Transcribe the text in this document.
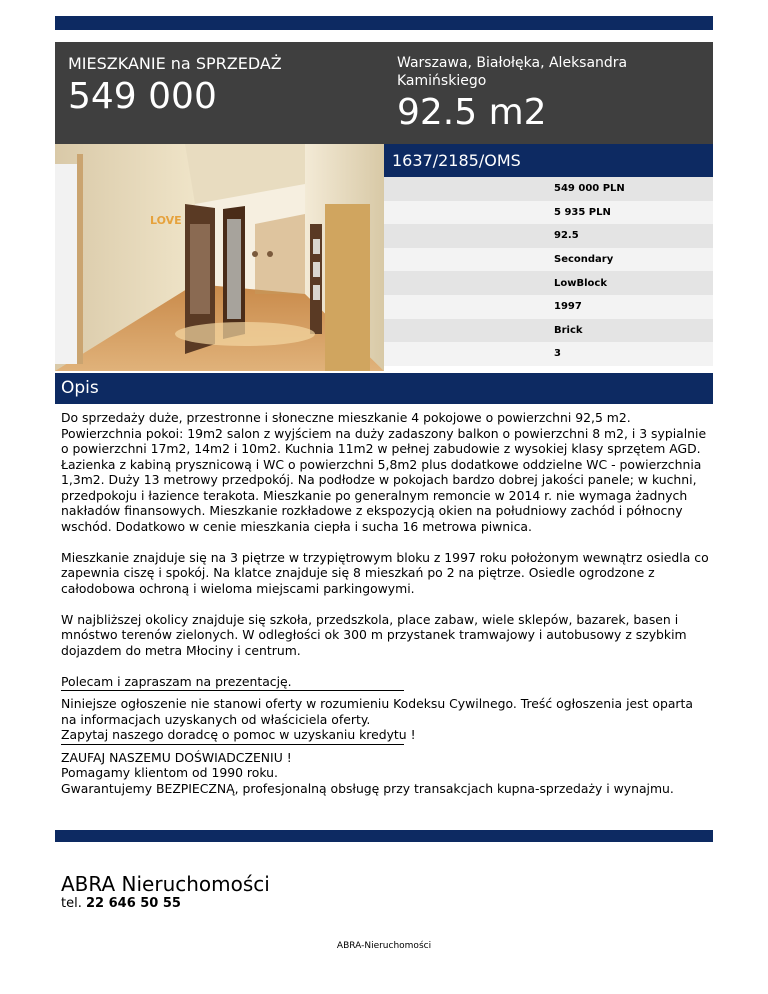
MIESZKANIE na SPRZEDAŻ
549 000
Warszawa, Białołęka, Aleksandra Kamińskiego
92.5 m2
LOVE
1637/2185/OMS
549 000 PLN
5 935 PLN
92.5
Secondary
LowBlock
1997
Brick
3
Opis

Do sprzedaży duże, przestronne i słoneczne mieszkanie 4 pokojowe o powierzchni 92,5 m2. Powierzchnia pokoi: 19m2 salon z wyjściem na duży zadaszony balkon o powierzchni 8 m2, i 3 sypialnie o powierzchni 17m2, 14m2 i 10m2. Kuchnia 11m2 w pełnej zabudowie z wysokiej klasy sprzętem AGD. Łazienka z kabiną prysznicową i WC o powierzchni 5,8m2 plus dodatkowe oddzielne WC - powierzchnia 1,3m2. Duży 13 metrowy przedpokój. Na podłodze w pokojach bardzo dobrej jakości panele; w kuchni, przedpokoju i łazience terakota. Mieszkanie po generalnym remoncie w 2014 r. nie wymaga żadnych nakładów finansowych. Mieszkanie rozkładowe z ekspozycją okien na południowy zachód i północny wschód. Dodatkowo w cenie mieszkania ciepła i sucha 16 metrowa piwnica.

Mieszkanie znajduje się na 3 piętrze w trzypiętrowym bloku z 1997 roku położonym wewnątrz osiedla co zapewnia ciszę i spokój. Na klatce znajduje się 8 mieszkań po 2 na piętrze. Osiedle ogrodzone z całodobowa ochroną i wieloma miejscami parkingowymi.

W najbliższej okolicy znajduje się szkoła, przedszkola, place zabaw, wiele sklepów, bazarek, basen i mnóstwo terenów zielonych. W odległości ok 300 m przystanek tramwajowy i autobusowy z szybkim dojazdem do metra Młociny i centrum.

Polecam i zapraszam na prezentację.

Niniejsze ogłoszenie nie stanowi oferty w rozumieniu Kodeksu Cywilnego. Treść ogłoszenia jest oparta na informacjach uzyskanych od właściciela oferty.

Zapytaj naszego doradcę o pomoc w uzyskaniu kredytu !

ZAUFAJ NASZEMU DOŚWIADCZENIU !

Pomagamy klientom od 1990 roku.

Gwarantujemy BEZPIECZNĄ, profesjonalną obsługę przy transakcjach kupna-sprzedaży i wynajmu.

ABRA Nieruchomości
tel. 22 646 50 55
ABRA-Nieruchomości
